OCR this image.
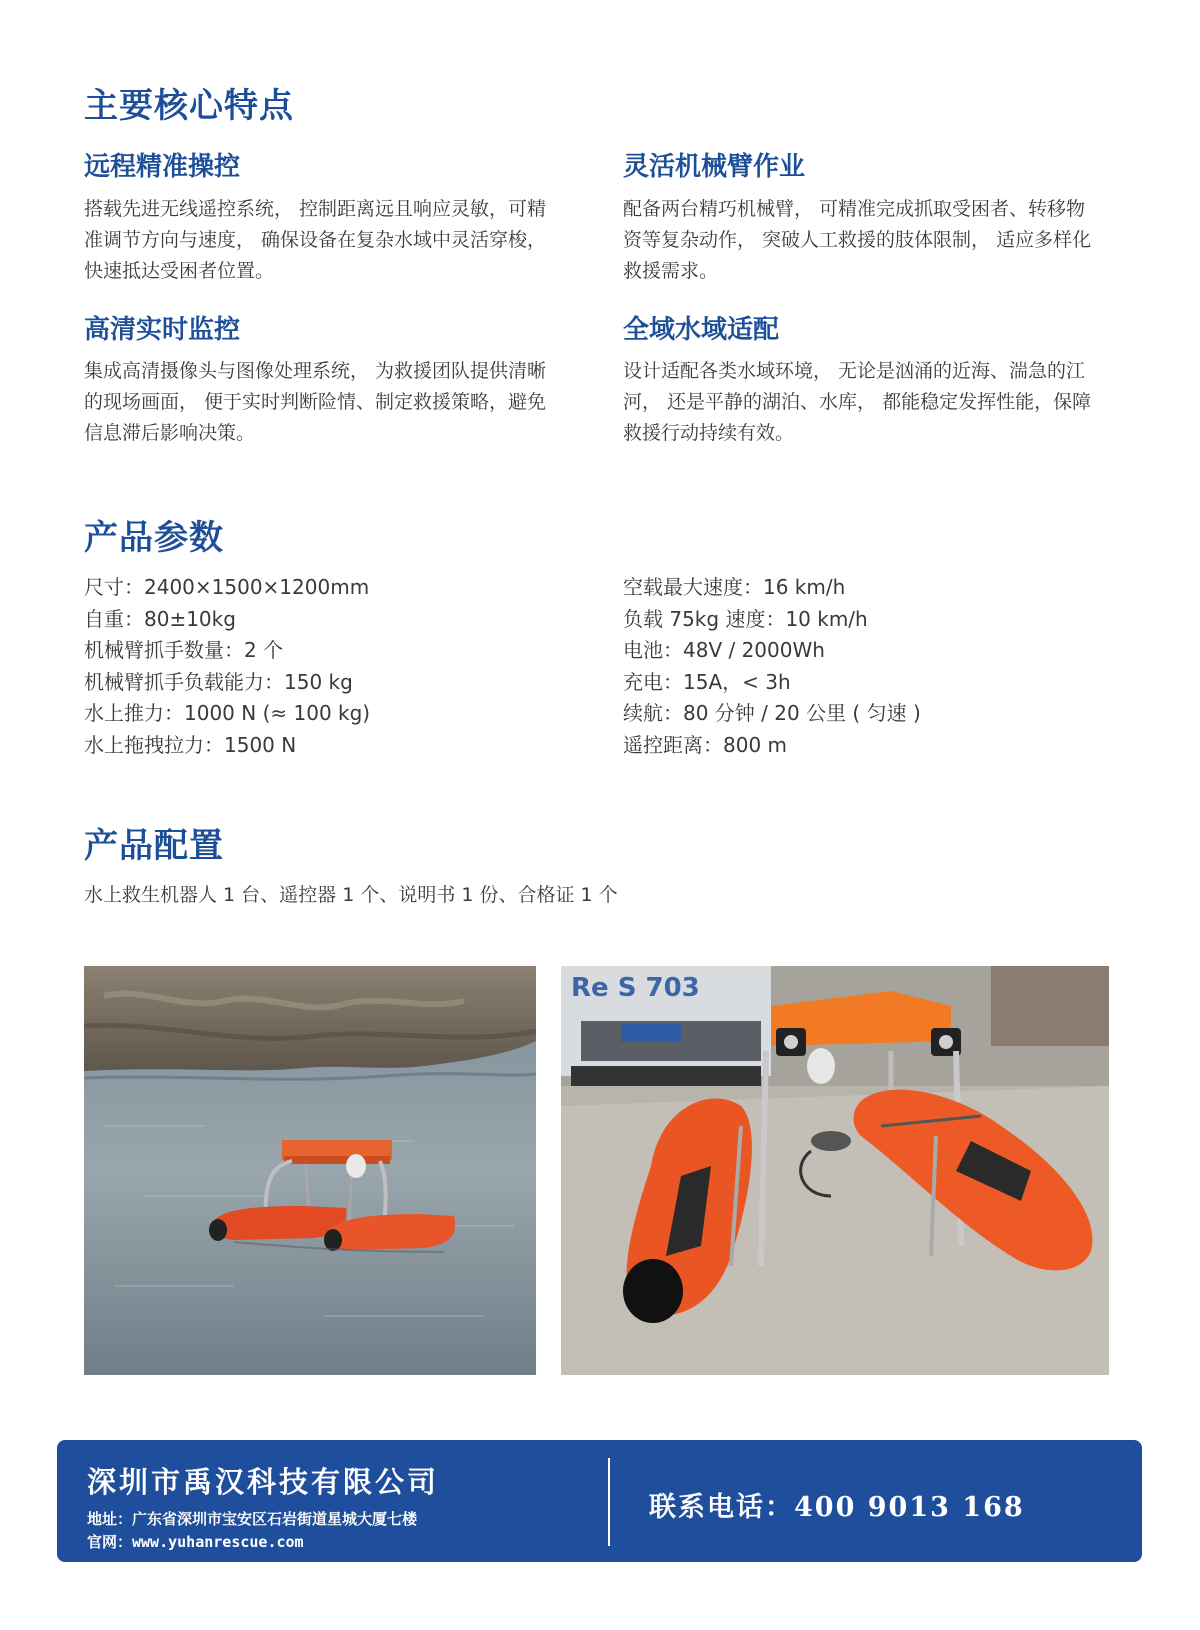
主要核心特点
远程精准操控
搭载先进无线遥控系统， 控制距离远且响应灵敏，可精准调节方向与速度， 确保设备在复杂水域中灵活穿梭，快速抵达受困者位置。
灵活机械臂作业
配备两台精巧机械臂， 可精准完成抓取受困者、转移物资等复杂动作， 突破人工救援的肢体限制， 适应多样化救援需求。
高清实时监控
集成高清摄像头与图像处理系统， 为救援团队提供清晰的现场画面， 便于实时判断险情、制定救援策略，避免信息滞后影响决策。
全域水域适配
设计适配各类水域环境， 无论是汹涌的近海、湍急的江河， 还是平静的湖泊、水库， 都能稳定发挥性能，保障救援行动持续有效。
产品参数
尺寸：2400×1500×1200mm
自重：80±10kg
机械臂抓手数量：2 个
机械臂抓手负载能力：150 kg
水上推力：1000 N (≈ 100 kg)
水上拖拽拉力：1500 N
空载最大速度：16 km/h
负载 75kg 速度：10 km/h
电池：48V / 2000Wh
充电：15A，< 3h
续航：80 分钟 / 20 公里 ( 匀速 )
遥控距离：800 m
产品配置
水上救生机器人 1 台、遥控器 1 个、说明书 1 份、合格证 1 个
Re S 703
深圳市禹汉科技有限公司
地址：广东省深圳市宝安区石岩街道星城大厦七楼
官网：www.yuhanrescue.com
联系电话：400 9013 168
